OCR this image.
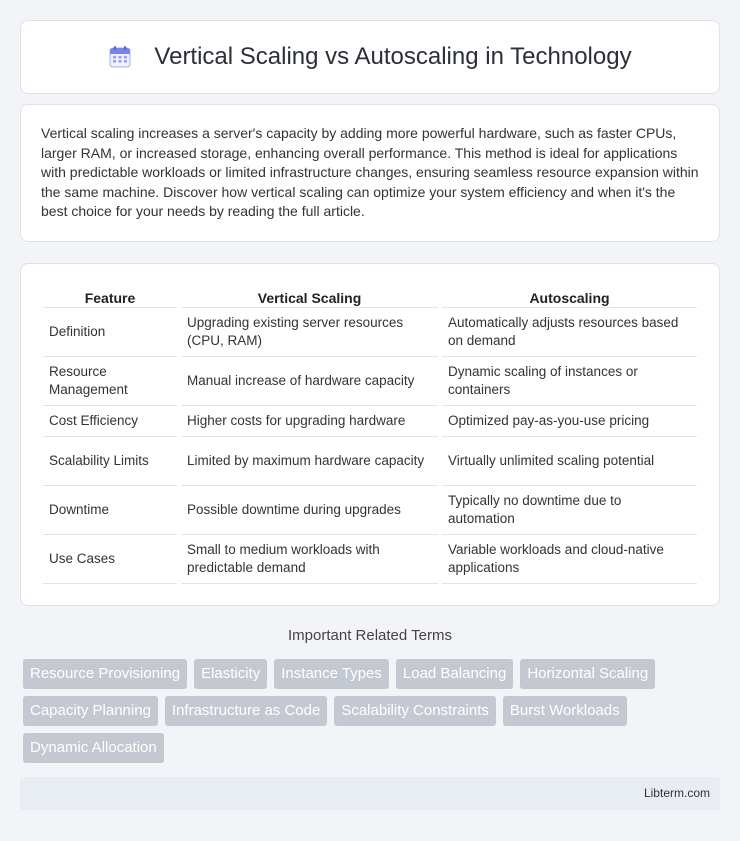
Vertical Scaling vs Autoscaling in Technology

Vertical scaling increases a server's capacity by adding more powerful hardware, such as faster CPUs, larger RAM, or increased storage, enhancing overall performance. This method is ideal for applications with predictable workloads or limited infrastructure changes, ensuring seamless resource expansion within the same machine. Discover how vertical scaling can optimize your system efficiency and when it's the best choice for your needs by reading the full article.

Feature	Vertical Scaling	Autoscaling
Definition	Upgrading existing server resources (CPU, RAM)	Automatically adjusts resources based on demand
Resource Management	Manual increase of hardware capacity	Dynamic scaling of instances or containers
Cost Efficiency	Higher costs for upgrading hardware	Optimized pay-as-you-use pricing
Scalability Limits	Limited by maximum hardware capacity	Virtually unlimited scaling potential
Downtime	Possible downtime during upgrades	Typically no downtime due to automation
Use Cases	Small to medium workloads with predictable demand	Variable workloads and cloud-native applications
Important Related Terms
Resource Provisioning	Elasticity	Instance Types	Load Balancing	Horizontal Scaling
Capacity Planning	Infrastructure as Code	Scalability Constraints	Burst Workloads
Dynamic Allocation
Libterm.com
